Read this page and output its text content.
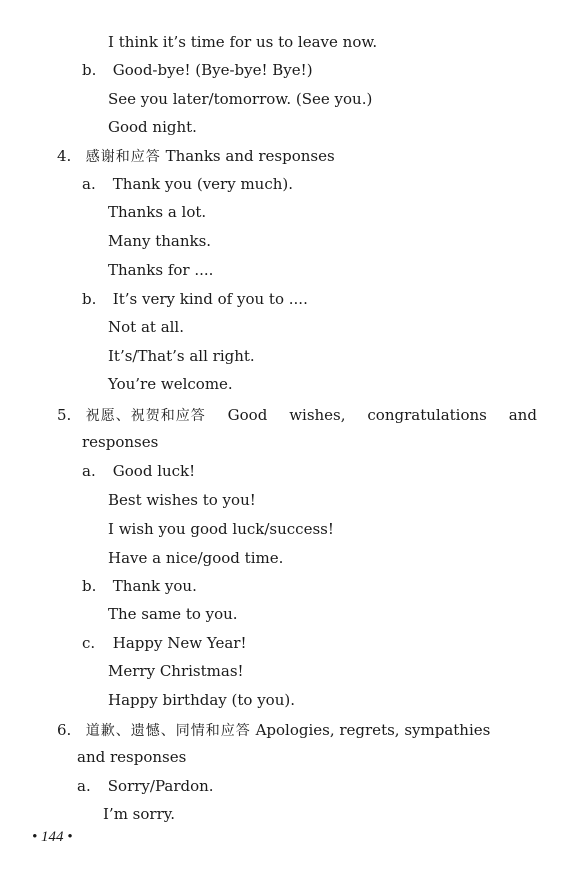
I think it’s time for us to leave now.
b. Good-bye! (Bye-bye! Bye!)
See you later/tomorrow. (See you.)
Good night.
4. 感谢和应答 Thanks and responses
a. Thank you (very much).
Thanks a lot.
Many thanks.
Thanks for ....
b. It’s very kind of you to ....
Not at all.
It’s/That’s all right.
You’re welcome.
5. 祝愿、祝贺和应答 Good wishes, congratulations and
responses
a. Good luck!
Best wishes to you!
I wish you good luck/success!
Have a nice/good time.
b. Thank you.
The same to you.
c. Happy New Year!
Merry Christmas!
Happy birthday (to you).
6. 道歉、遗憾、同情和应答 Apologies, regrets, sympathies
and responses
a. Sorry/Pardon.
I’m sorry.
• 144 •
